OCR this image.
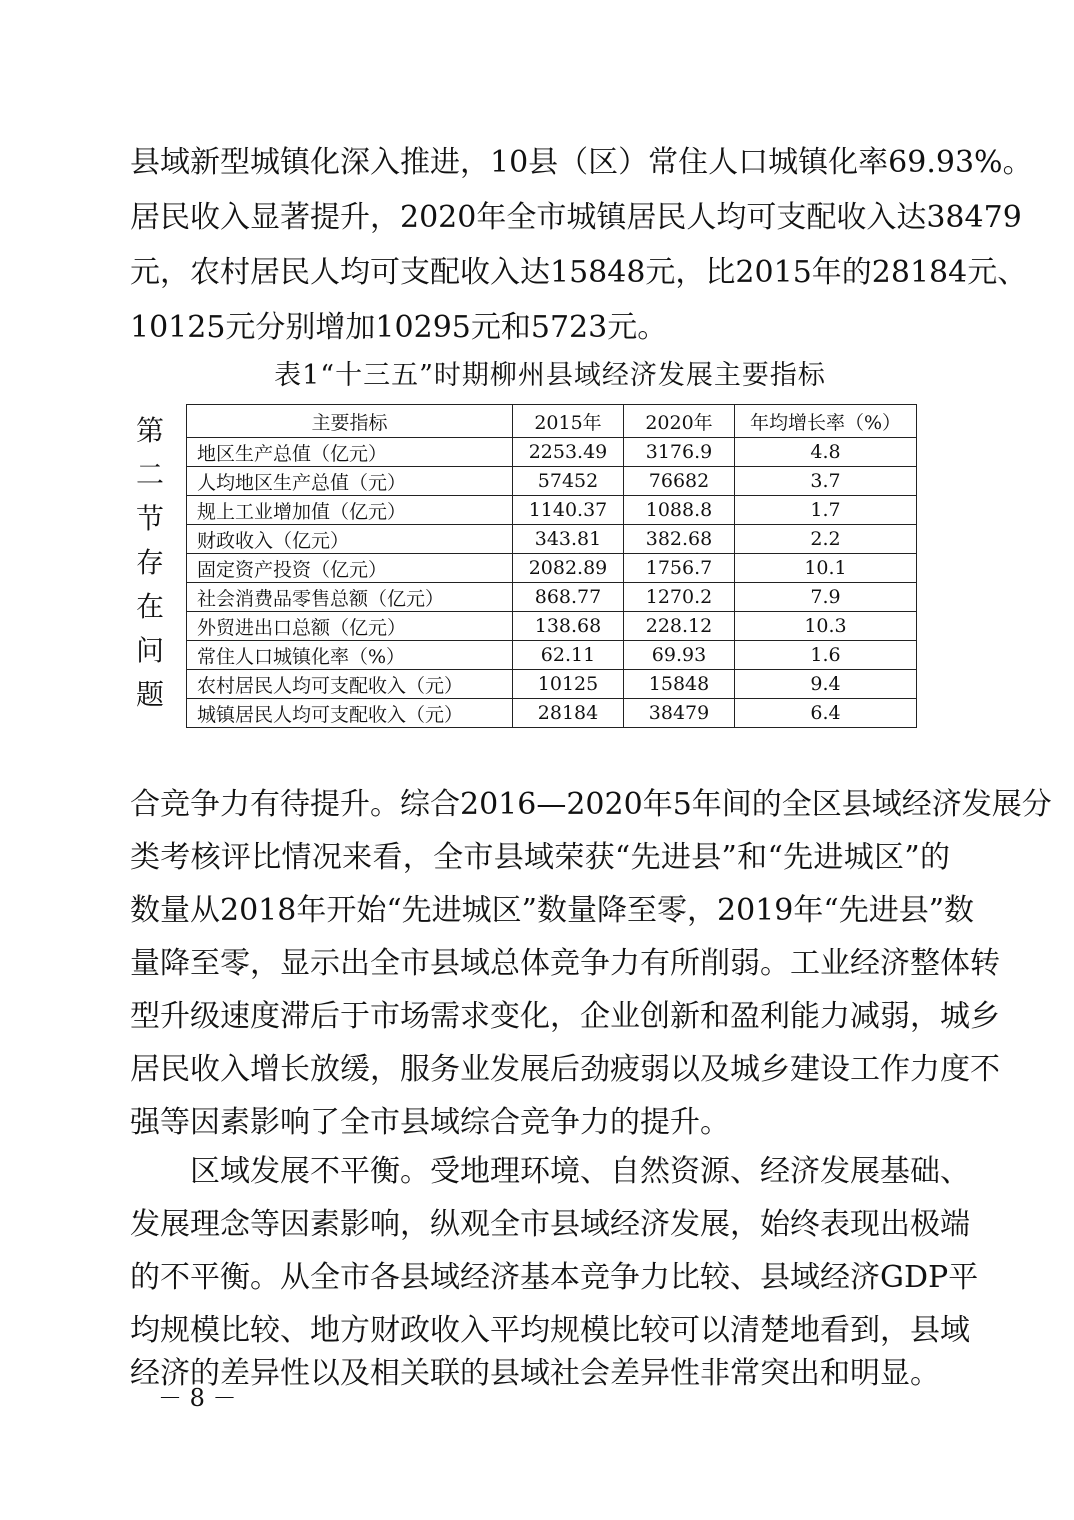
县域新型城镇化深入推进，10县（区）常住人口城镇化率69.93%。
居民收入显著提升，2020年全市城镇居民人均可支配收入达38479
元，农村居民人均可支配收入达15848元，比2015年的28184元、
10125元分别增加10295元和5723元。
表1“十三五”时期柳州县域经济发展主要指标
第
二
节
存
在
问
题
主要指标	2015年	2020年	年均增长率（%）
地区生产总值（亿元）	2253.49	3176.9	4.8
人均地区生产总值（元）	57452	76682	3.7
规上工业增加值（亿元）	1140.37	1088.8	1.7
财政收入（亿元）	343.81	382.68	2.2
固定资产投资（亿元）	2082.89	1756.7	10.1
社会消费品零售总额（亿元）	868.77	1270.2	7.9
外贸进出口总额（亿元）	138.68	228.12	10.3
常住人口城镇化率（%）	62.11	69.93	1.6
农村居民人均可支配收入（元）	10125	15848	9.4
城镇居民人均可支配收入（元）	28184	38479	6.4
合竞争力有待提升。综合2016—2020年5年间的全区县域经济发展分
类考核评比情况来看，全市县域荣获“先进县”和“先进城区”的
数量从2018年开始“先进城区”数量降至零，2019年“先进县”数
量降至零，显示出全市县域总体竞争力有所削弱。工业经济整体转
型升级速度滞后于市场需求变化，企业创新和盈利能力减弱，城乡
居民收入增长放缓，服务业发展后劲疲弱以及城乡建设工作力度不
强等因素影响了全市县域综合竞争力的提升。
　　区域发展不平衡。受地理环境、自然资源、经济发展基础、
发展理念等因素影响，纵观全市县域经济发展，始终表现出极端
的不平衡。从全市各县域经济基本竞争力比较、县域经济GDP平
均规模比较、地方财政收入平均规模比较可以清楚地看到，县域
经济的差异性以及相关联的县域社会差异性非常突出和明显。
－ 8 －
